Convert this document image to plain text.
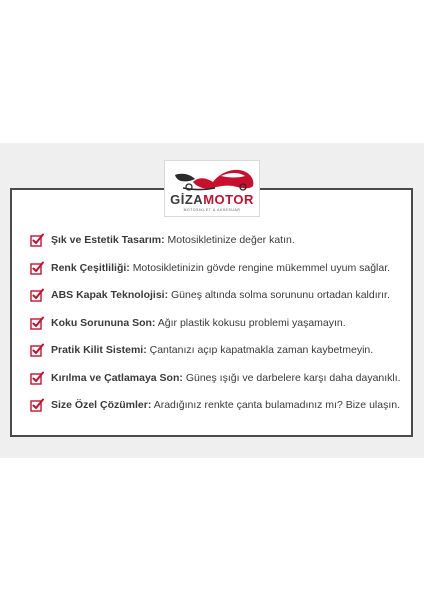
GİZAMOTOR
MOTOSIKLET & AKSESUAR
Şık ve Estetik Tasarım: Motosikletinize değer katın.
Renk Çeşitliliği: Motosikletinizin gövde rengine mükemmel uyum sağlar.
ABS Kapak Teknolojisi: Güneş altında solma sorununu ortadan kaldırır.
Koku Sorununa Son: Ağır plastik kokusu problemi yaşamayın.
Pratik Kilit Sistemi: Çantanızı açıp kapatmakla zaman kaybetmeyin.
Kırılma ve Çatlamaya Son: Güneş ışığı ve darbelere karşı daha dayanıklı.
Size Özel Çözümler: Aradığınız renkte çanta bulamadınız mı? Bize ulaşın.
